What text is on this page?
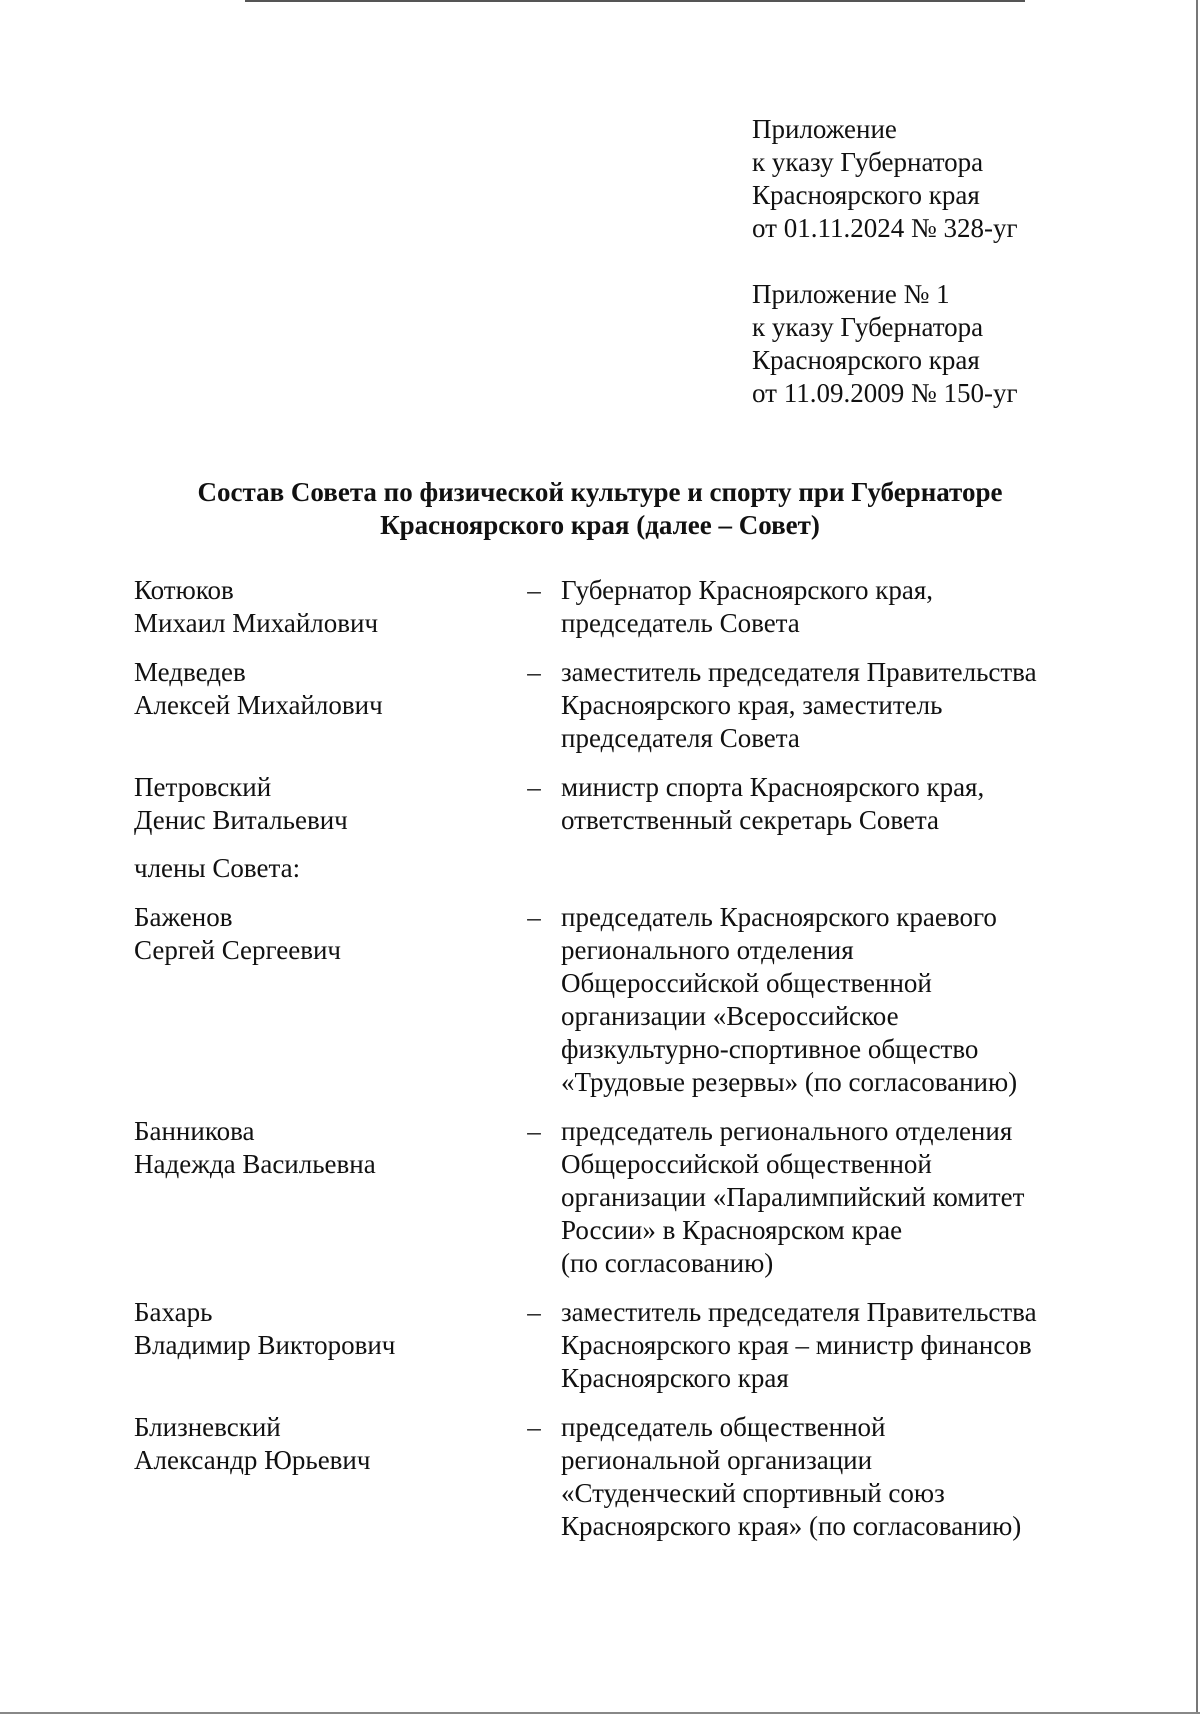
Приложение
к указу Губернатора
Красноярского края
от 01.11.2024 № 328-уг
Приложение № 1
к указу Губернатора
Красноярского края
от 11.09.2009 № 150-уг
Состав Совета по физической культуре и спорту при Губернаторе
Красноярского края (далее – Совет)
Котюков
Михаил Михайлович
– Губернатор Красноярского края,
председатель Совета
Медведев
Алексей Михайлович
– заместитель председателя Правительства
Красноярского края, заместитель
председателя Совета
Петровский
Денис Витальевич
– министр спорта Красноярского края,
ответственный секретарь Совета
члены Совета:
Баженов
Сергей Сергеевич
– председатель Красноярского краевого
регионального отделения
Общероссийской общественной
организации «Всероссийское
физкультурно-спортивное общество
«Трудовые резервы» (по согласованию)
Банникова
Надежда Васильевна
– председатель регионального отделения
Общероссийской общественной
организации «Паралимпийский комитет
России» в Красноярском крае
(по согласованию)
Бахарь
Владимир Викторович
– заместитель председателя Правительства
Красноярского края – министр финансов
Красноярского края
Близневский
Александр Юрьевич
– председатель общественной
региональной организации
«Студенческий спортивный союз
Красноярского края» (по согласованию)
